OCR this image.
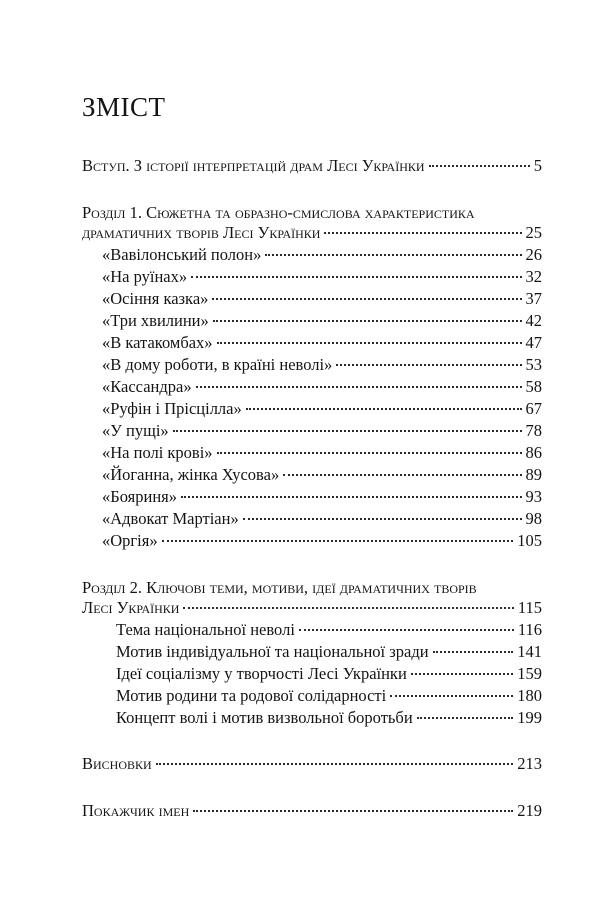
ЗМІСТ
Вступ. З історії інтерпретацій драм Лесі Українки	5
Розділ 1. Сюжетна та образно-смислова характеристика
драматичних творів Лесі Українки	25
«Вавілонський полон»	26
«На руїнах»	32
«Осіння казка»	37
«Три хвилини»	42
«В катакомбах»	47
«В дому роботи, в країні неволі»	53
«Кассандра»	58
«Руфін і Прісцілла»	67
«У пущі»	78
«На полі крові»	86
«Йоганна, жінка Хусова»	89
«Бояриня»	93
«Адвокат Мартіан»	98
«Оргія»	105
Розділ 2. Ключові теми, мотиви, ідеї драматичних творів
Лесі Українки	115
Тема національної неволі	116
Мотив індивідуальної та національної зради	141
Ідеї соціалізму у творчості Лесі Українки	159
Мотив родини та родової солідарності	180
Концепт волі і мотив визвольної боротьби	199
Висновки	213
Покажчик імен	219
